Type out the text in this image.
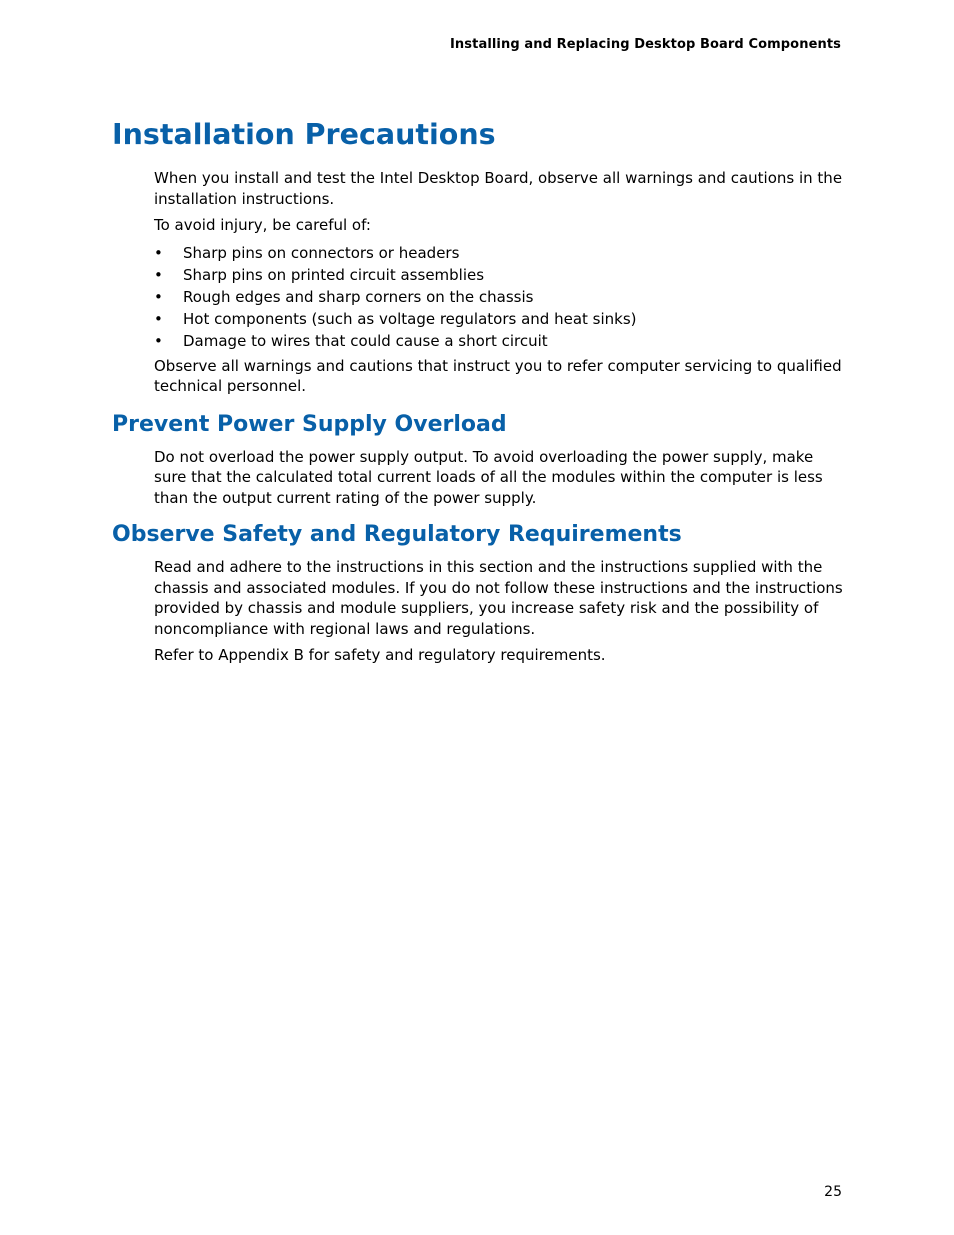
Installing and Replacing Desktop Board Components
Installation Precautions

When you install and test the Intel Desktop Board, observe all warnings and cautions in the installation instructions.

To avoid injury, be careful of:

• Sharp pins on connectors or headers
• Sharp pins on printed circuit assemblies
• Rough edges and sharp corners on the chassis
• Hot components (such as voltage regulators and heat sinks)
• Damage to wires that could cause a short circuit

Observe all warnings and cautions that instruct you to refer computer servicing to qualified technical personnel.

Prevent Power Supply Overload

Do not overload the power supply output. To avoid overloading the power supply, make sure that the calculated total current loads of all the modules within the computer is less than the output current rating of the power supply.

Observe Safety and Regulatory Requirements

Read and adhere to the instructions in this section and the instructions supplied with the chassis and associated modules. If you do not follow these instructions and the instructions provided by chassis and module suppliers, you increase safety risk and the possibility of noncompliance with regional laws and regulations.

Refer to Appendix B for safety and regulatory requirements.

25
